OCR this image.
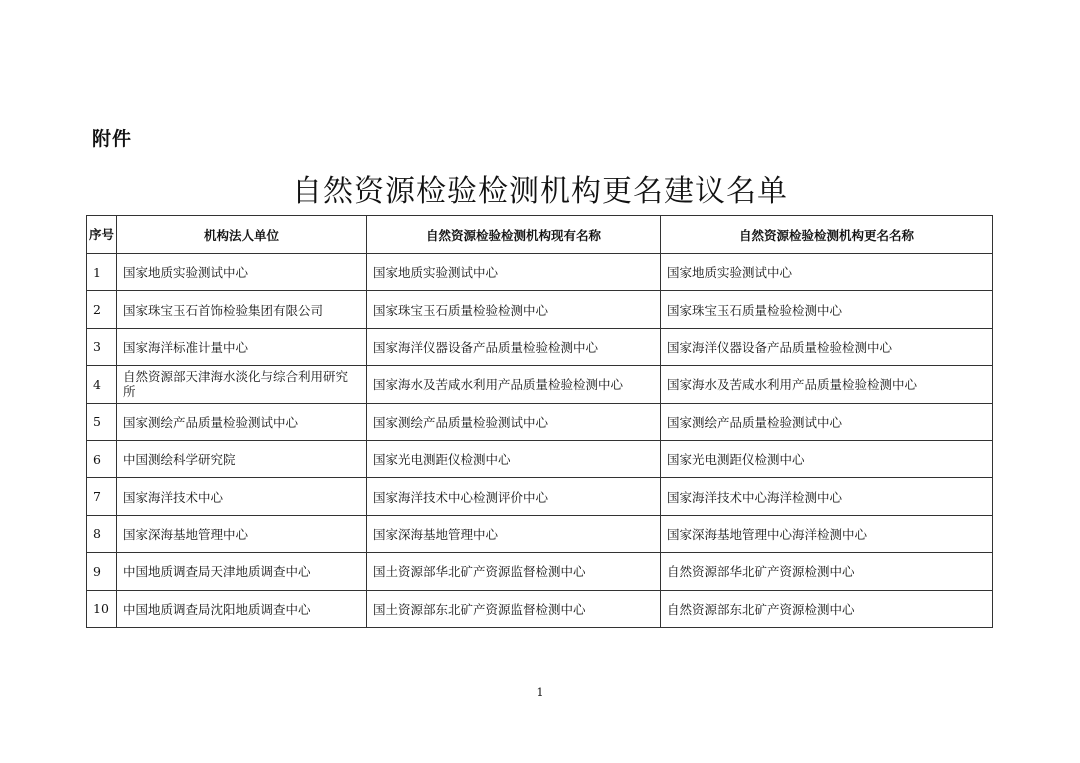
附件
自然资源检验检测机构更名建议名单
序号	机构法人单位	自然资源检验检测机构现有名称	自然资源检验检测机构更名名称
1	国家地质实验测试中心	国家地质实验测试中心	国家地质实验测试中心
2	国家珠宝玉石首饰检验集团有限公司	国家珠宝玉石质量检验检测中心	国家珠宝玉石质量检验检测中心
3	国家海洋标准计量中心	国家海洋仪器设备产品质量检验检测中心	国家海洋仪器设备产品质量检验检测中心
4	自然资源部天津海水淡化与综合利用研究所	国家海水及苦咸水利用产品质量检验检测中心	国家海水及苦咸水利用产品质量检验检测中心
5	国家测绘产品质量检验测试中心	国家测绘产品质量检验测试中心	国家测绘产品质量检验测试中心
6	中国测绘科学研究院	国家光电测距仪检测中心	国家光电测距仪检测中心
7	国家海洋技术中心	国家海洋技术中心检测评价中心	国家海洋技术中心海洋检测中心
8	国家深海基地管理中心	国家深海基地管理中心	国家深海基地管理中心海洋检测中心
9	中国地质调查局天津地质调查中心	国土资源部华北矿产资源监督检测中心	自然资源部华北矿产资源检测中心
10	中国地质调查局沈阳地质调查中心	国土资源部东北矿产资源监督检测中心	自然资源部东北矿产资源检测中心
1
